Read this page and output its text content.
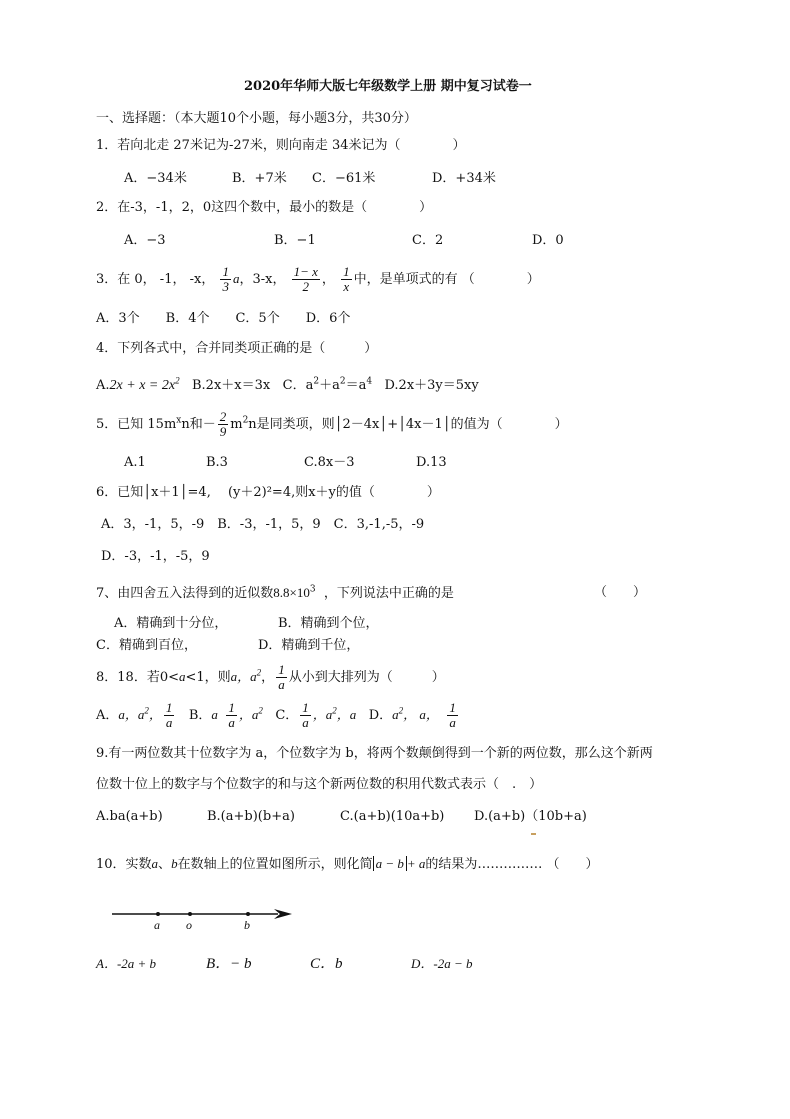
2020年华师大版七年级数学上册 期中复习试卷一
一、选择题：（本大题10个小题，每小题3分，共30分）
1．若向北走 27米记为-27米，则向南走 34米记为（　　　　）
A．−34米	B．+7米 C．−61米	D．+34米
2．在-3，-1，2，0这四个数中，最小的数是（　　　　）
A．−3	B．−1	C．2	D．0
3．在 0， -1， -x， $\frac{1}{3}$ a，3-x， $\frac{1- x}{2}$ ， $\frac{1}{x}$ 中，是单项式的有 （　　　　）
A．3个　　B．4个　　C．5个　　D．6个
4．下列各式中，合并同类项正确的是（　　　）
$A.2x + x = 2x^2$ B.2x＋x＝3x C．$a^2+a^2=a^4$ D.2x＋3y＝5xy
5．已知 $15m^xn$和－ $\frac{2}{9} m^2n$是同类项，则│2－4x│+│4x－1│的值为（　　　　）
A.1	B.3	C.8x－3	D.13
6．已知│x＋1│=4,　 (y＋2)²=4,则x＋y的值（　　　　）
A．3，-1，5，-9　B．-3，-1，5，9　C．3,-1,-5，-9
D．-3，-1，-5，9
7、由四舍五入法得到的近似数$8.8\times 10^3$ ，下列说法中正确的是	（　　）
A．精确到十分位，	B．精确到个位，
C．精确到百位，	D．精确到千位，
8．18．若0<a<1，则a，$a^2$， $\frac{1}{a}$ 从小到大排列为（　　　）
A．a，$a^2$， $\frac{1}{a}$ B．a $\frac{1}{a}$ ，$a^2$ C． $\frac{1}{a}$ ，$a^2$，a D．$a^2$， a， $\frac{1}{a}$
9.有一两位数其十位数字为 a，个位数字为 b，将两个数颠倒得到一个新的两位数，那么这个新两
位数十位上的数字与个位数字的和与这个新两位数的积用代数式表示（　.　）
A.ba(a+b)	B.(a+b)(b+a)	C.(a+b)(10a+b) D.(a+b)（10b+a)
10．实数a、b在数轴上的位置如图所示，则化简 a − b + a的结果为…………… （　　）
a o	b
A．-2a + b	B．− b	C．b	D．-2a − b
